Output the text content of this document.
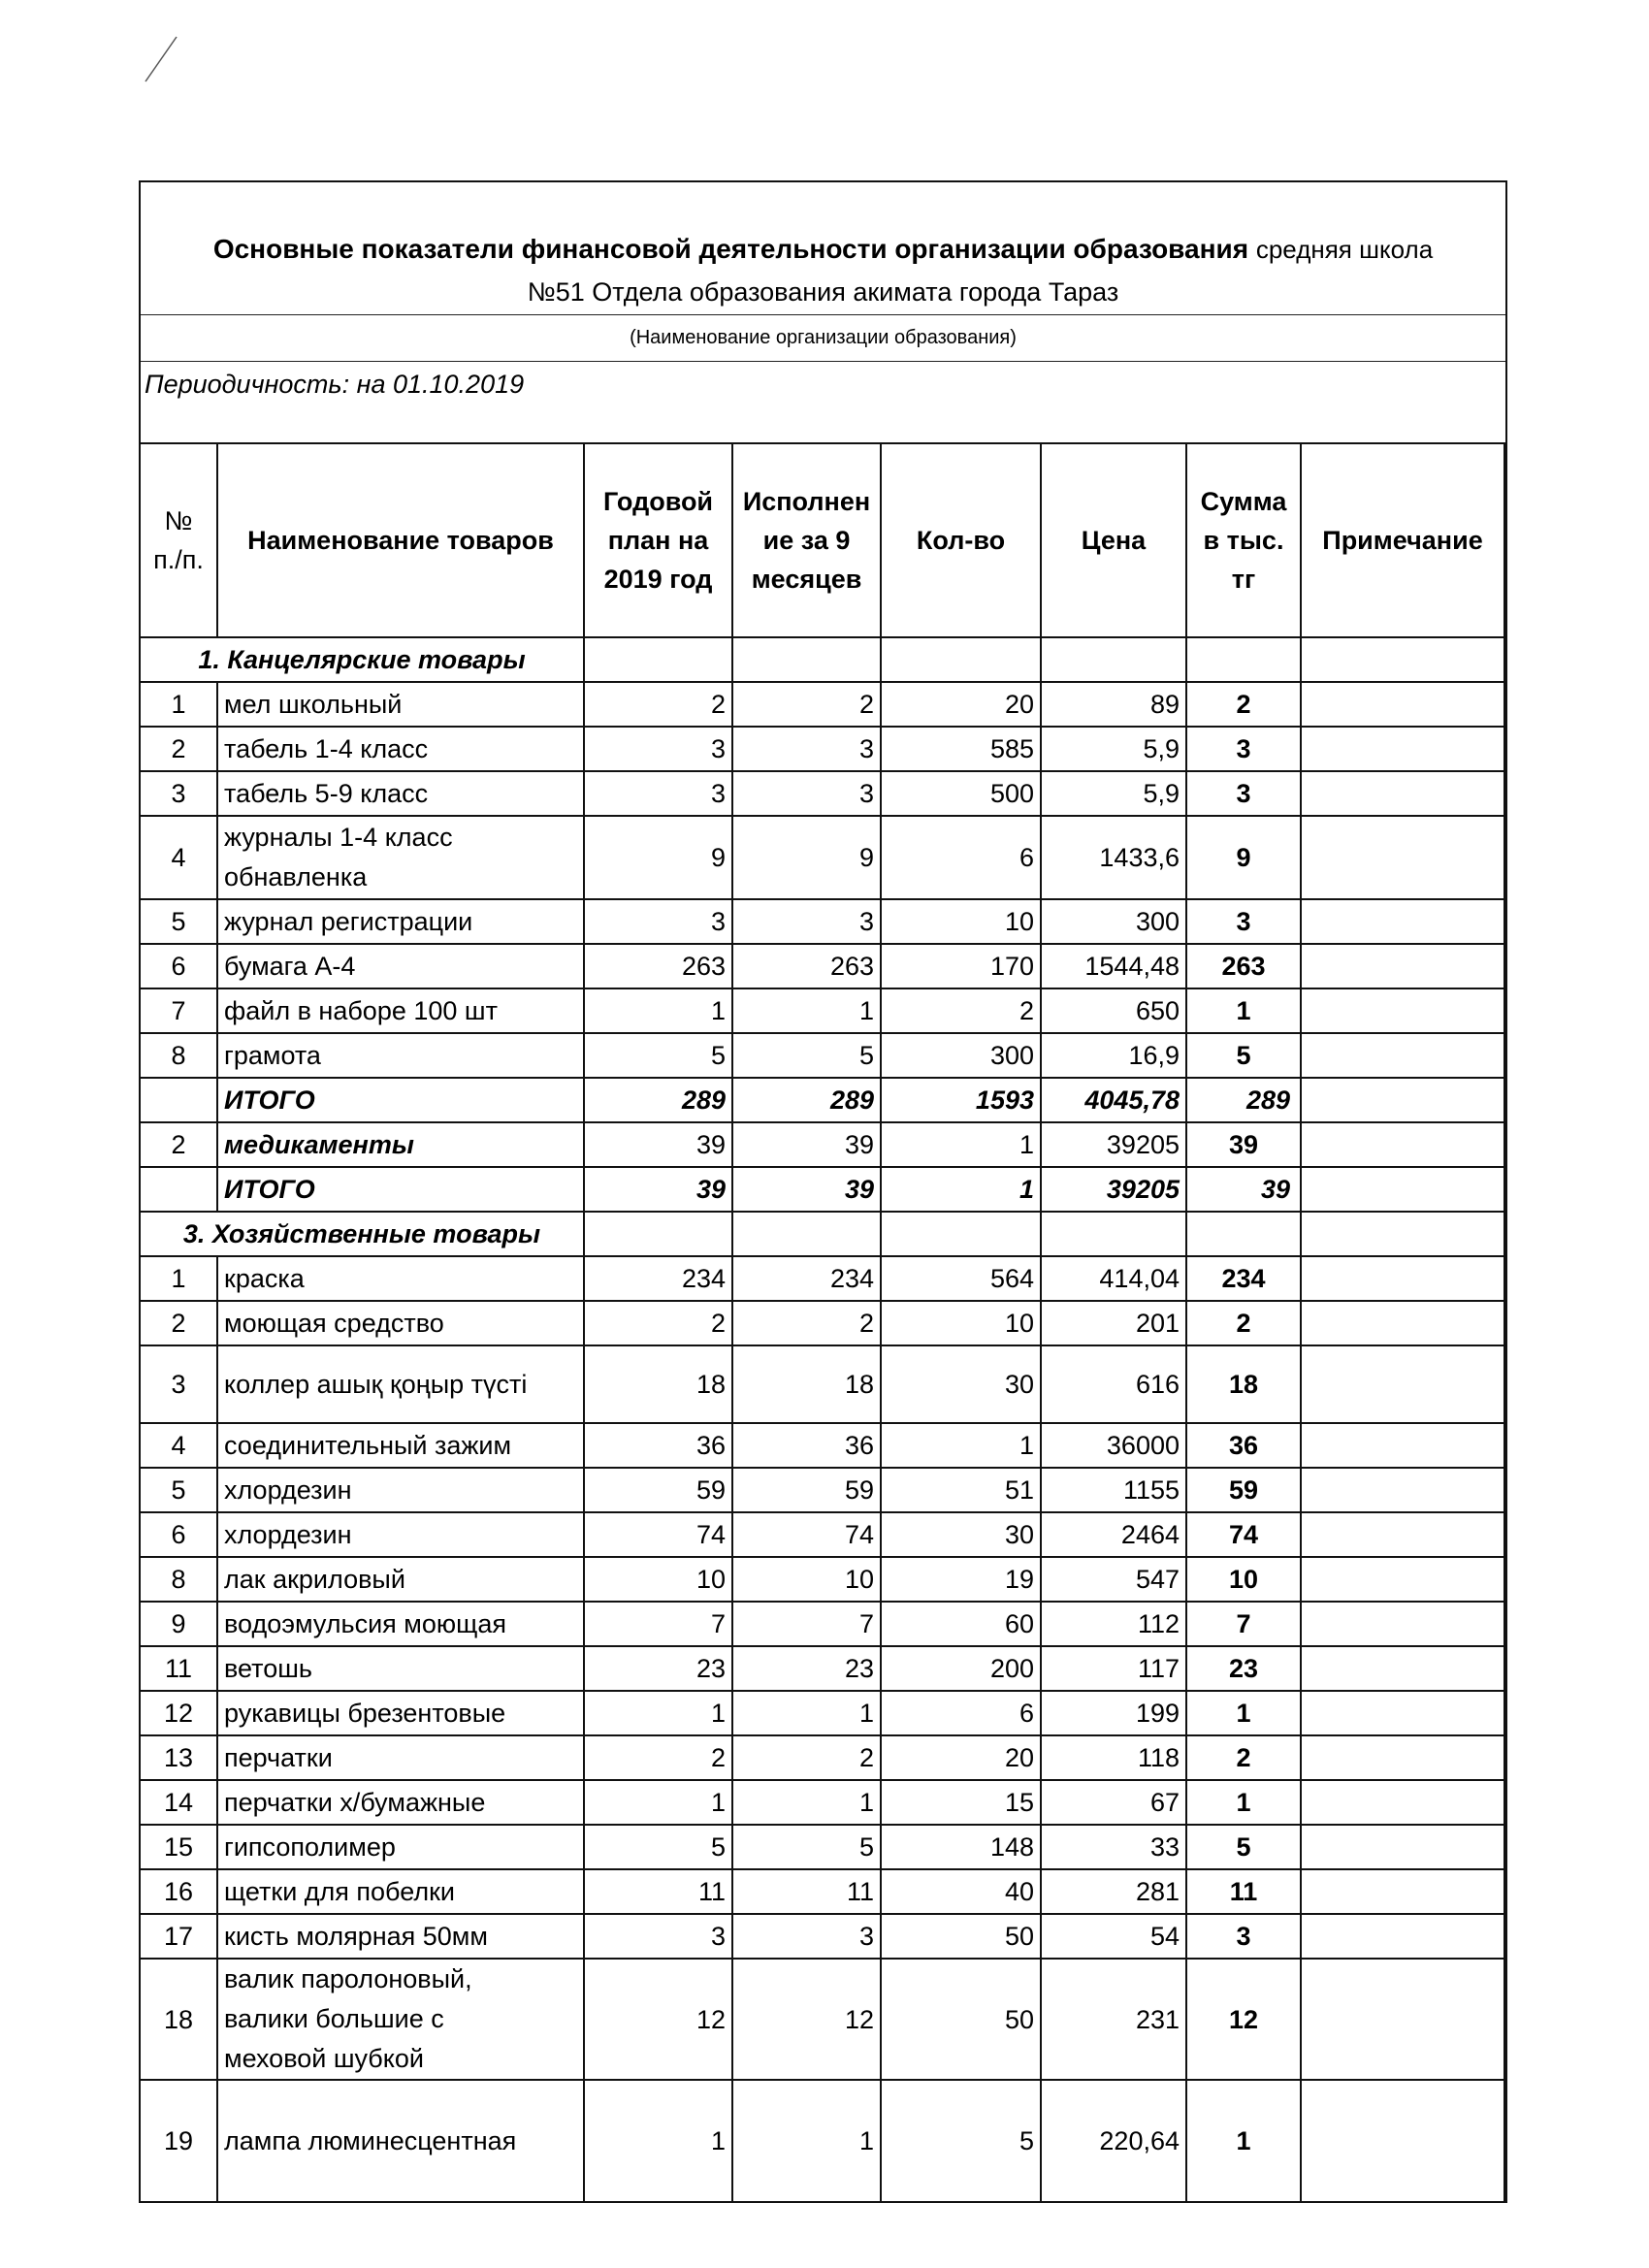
Основные показатели финансовой деятельности организации образования средняя школа
№51 Отдела образования акимата города Тараз
(Наименование организации образования)
Периодичность: на 01.10.2019
№ п./п.	Наименование товаров	Годовой план на 2019 год	Исполнен ие за 9 месяцев	Кол-во	Цена	Сумма в тыс. тг	Примечание
1. Канцелярские товары							
1	мел школьный	2	2	20	89	2	
2	табель 1-4 класс	3	3	585	5,9	3	
3	табель 5-9 класс	3	3	500	5,9	3	
4	журналы 1-4 класс
обнавленка	9	9	6	1433,6	9	
5	журнал регистрации	3	3	10	300	3	
6	бумага А-4	263	263	170	1544,48	263	
7	файл в наборе 100 шт	1	1	2	650	1	
8	грамота	5	5	300	16,9	5	
	ИТОГО	289	289	1593	4045,78	289	
2	медикаменты	39	39	1	39205	39	
	ИТОГО	39	39	1	39205	39	
3. Хозяйственные товары							
1	краска	234	234	564	414,04	234	
2	моющая средство	2	2	10	201	2	
3	коллер ашық қоңыр түсті	18	18	30	616	18	
4	соединительный зажим	36	36	1	36000	36	
5	хлордезин	59	59	51	1155	59	
6	хлордезин	74	74	30	2464	74	
8	лак акриловый	10	10	19	547	10	
9	водоэмульсия моющая	7	7	60	112	7	
11	ветошь	23	23	200	117	23	
12	рукавицы брезентовые	1	1	6	199	1	
13	перчатки	2	2	20	118	2	
14	перчатки х/бумажные	1	1	15	67	1	
15	гипсополимер	5	5	148	33	5	
16	щетки для побелки	11	11	40	281	11	
17	кисть молярная 50мм	3	3	50	54	3	
18	валик паролоновый,
валики большие с
меховой шубкой	12	12	50	231	12	
19	лампа люминесцентная	1	1	5	220,64	1	
